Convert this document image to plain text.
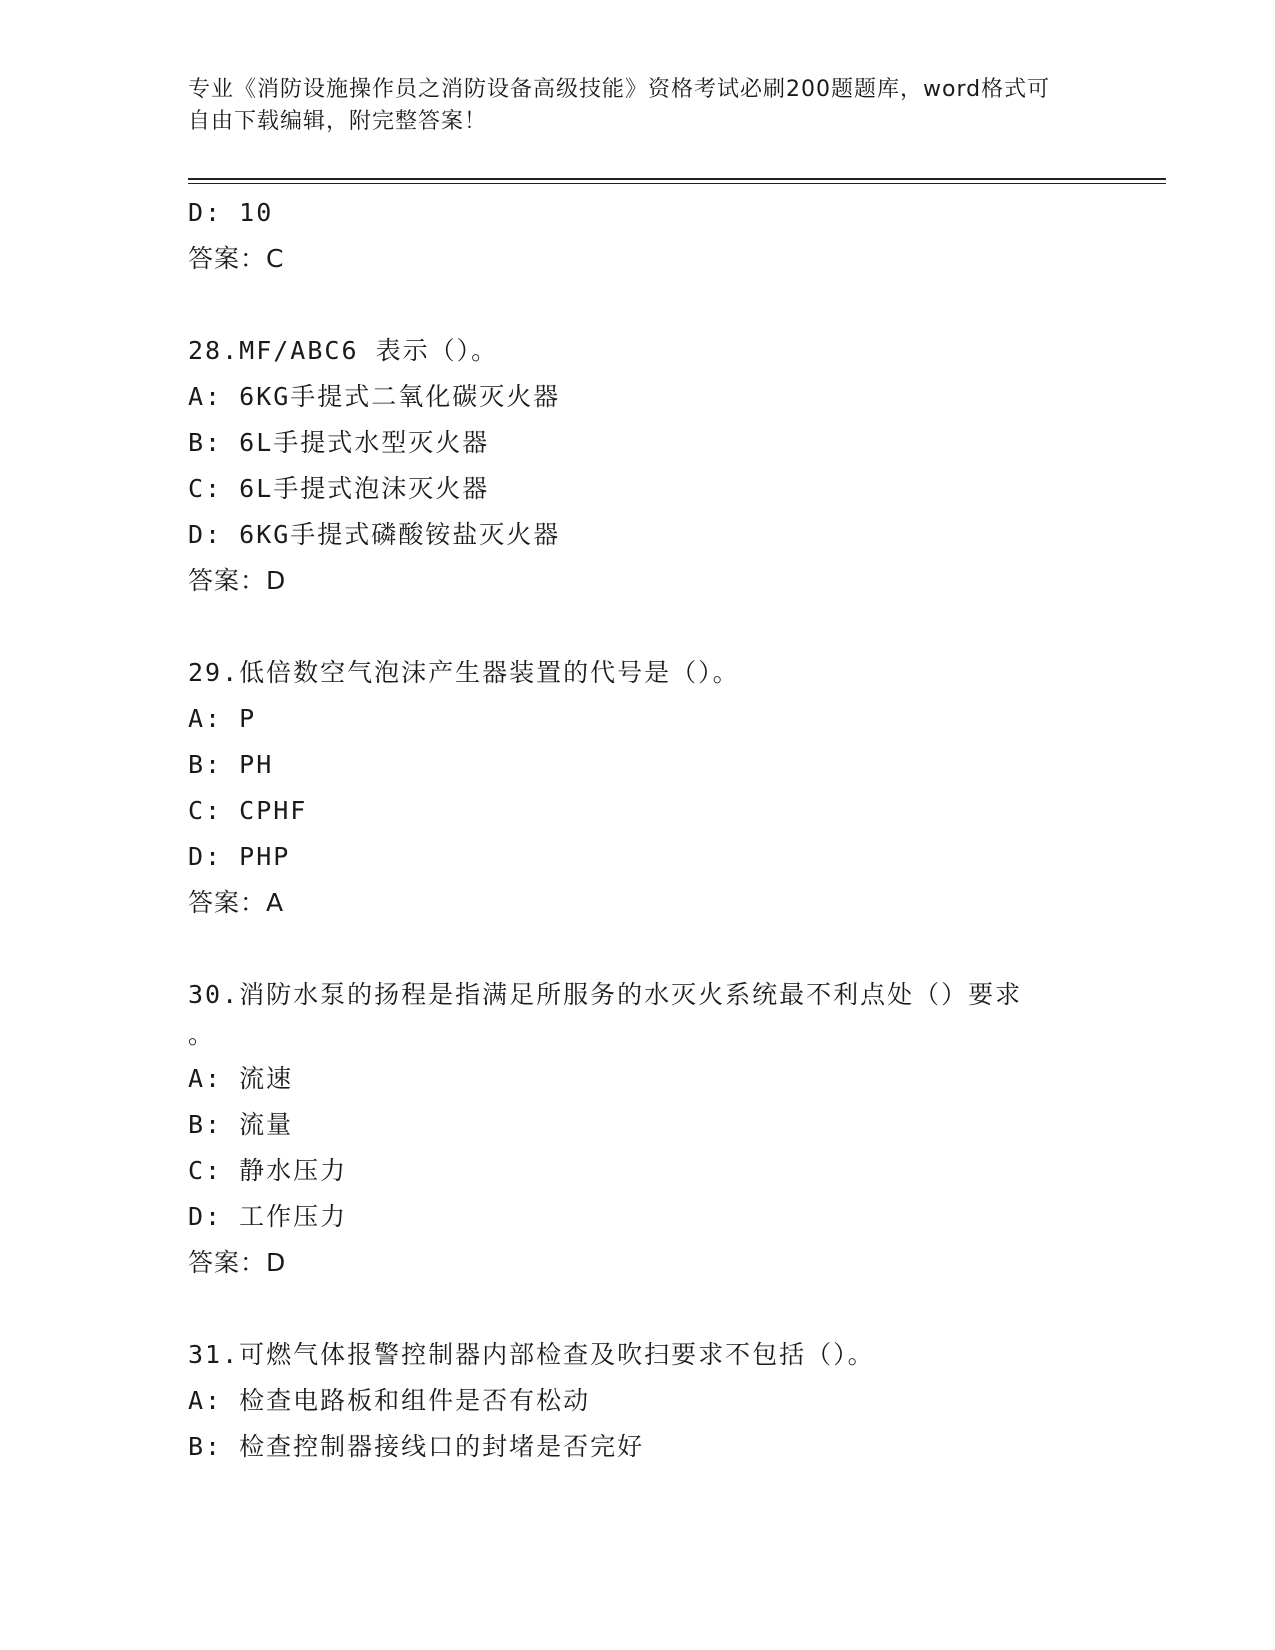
专业《消防设施操作员之消防设备高级技能》资格考试必刷200题题库，word格式可自由下载编辑，附完整答案！
D: 10
答案：C
28.MF/ABC6 表示（）。
A: 6KG手提式二氧化碳灭火器
B: 6L手提式水型灭火器
C: 6L手提式泡沫灭火器
D: 6KG手提式磷酸铵盐灭火器
答案：D
29.低倍数空气泡沫产生器装置的代号是（）。
A: P
B: PH
C: CPHF
D: PHP
答案：A
30.消防水泵的扬程是指满足所服务的水灭火系统最不利点处（）要求
。
A: 流速
B: 流量
C: 静水压力
D: 工作压力
答案：D
31.可燃气体报警控制器内部检查及吹扫要求不包括（）。
A: 检查电路板和组件是否有松动
B: 检查控制器接线口的封堵是否完好
